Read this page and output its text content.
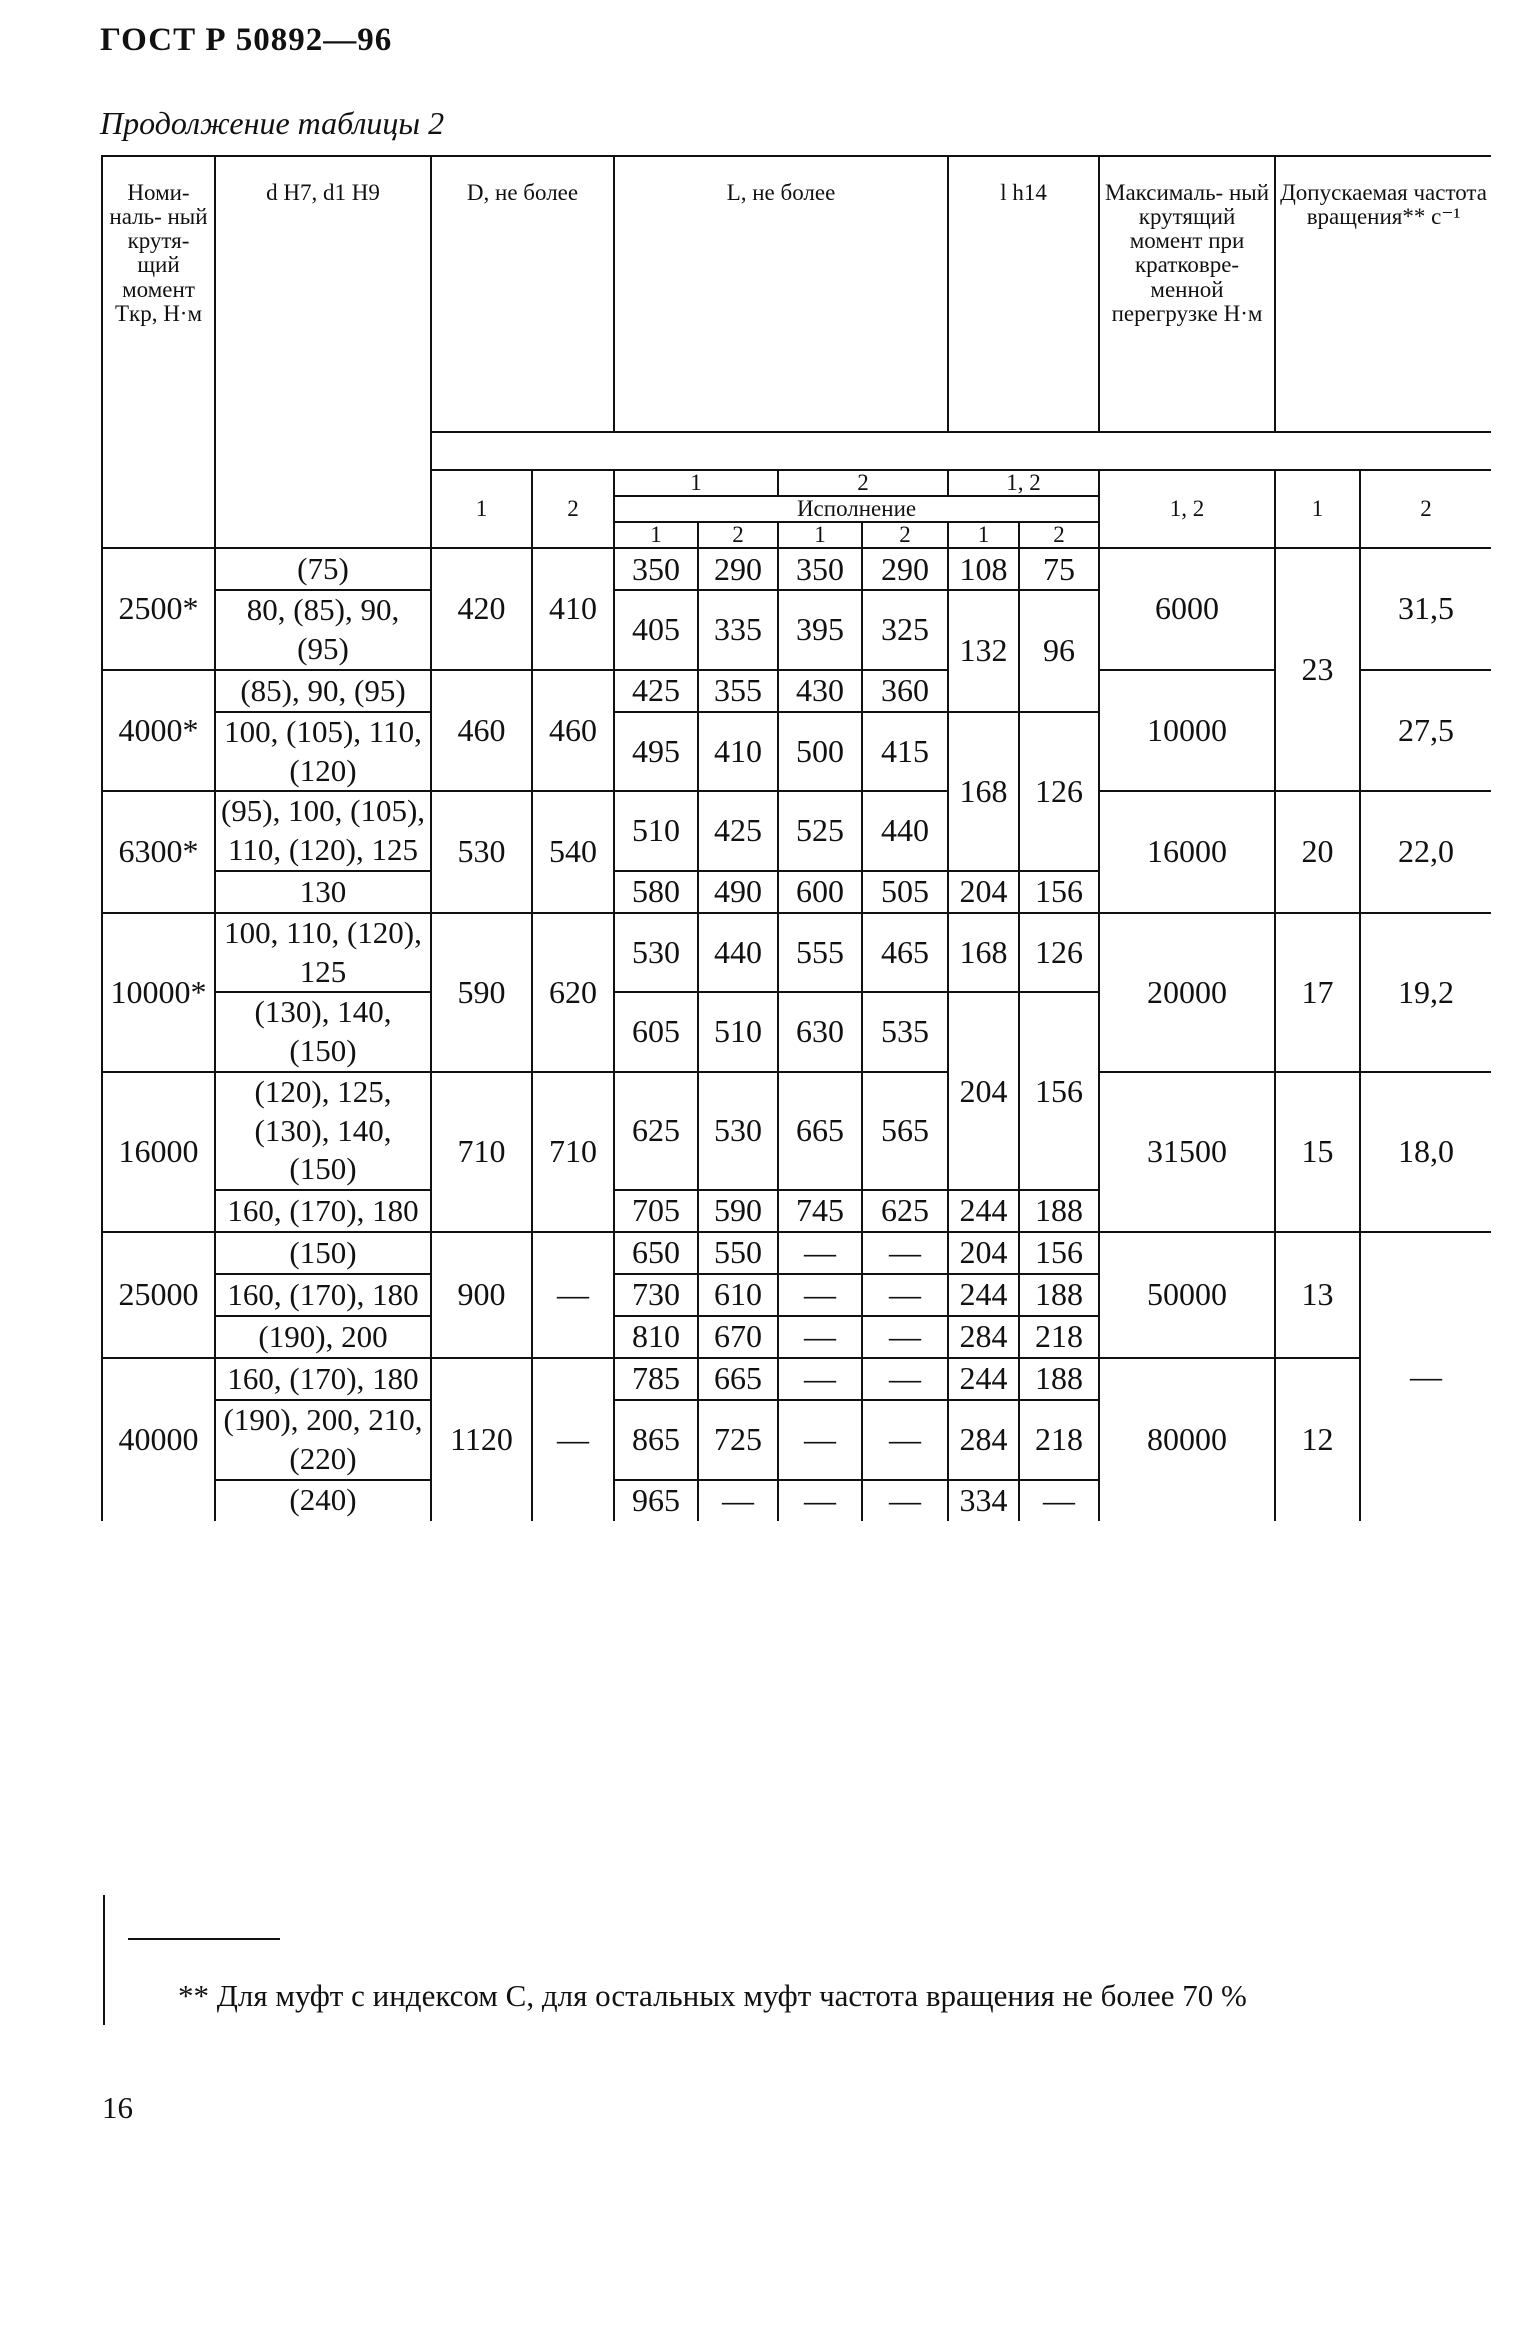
ГОСТ Р 50892—96
Продолжение таблицы 2
Номи- наль- ный крутя- щий момент Tкр, Н·м	d H7, d1 H9	D, не более		L, не более				l h14		Максималь- ный крутящий момент при кратковре- менной перегрузке Н·м	Допускаемая частота вращения** с⁻¹	

		1	2	1		2		1, 2		1, 2	1	2
				Исполнение								
				1	2	1	2	1	2			
2500*	(75)	420	410	350	290	350	290	108	75	6000	23	31,5
	80, (85), 90, (95)			405	335	395	325	132	96			
4000*	(85), 90, (95)	460	460	425	355	430	360			10000		27,5
	100, (105), 110, (120)			495	410	500	415	168	126			
6300*	(95), 100, (105), 110, (120), 125	530	540	510	425	525	440			16000	20	22,0
	130			580	490	600	505	204	156			
10000*	100, 110, (120), 125	590	620	530	440	555	465	168	126	20000	17	19,2
	(130), 140, (150)			605	510	630	535	204	156			
16000	(120), 125, (130), 140, (150)	710	710	625	530	665	565			31500	15	18,0
	160, (170), 180			705	590	745	625	244	188			
25000	(150)	900	—	650	550	—	—	204	156	50000	13	—
	160, (170), 180			730	610	—	—	244	188			
	(190), 200			810	670	—	—	284	218			
40000	160, (170), 180	1120	—	785	665	—	—	244	188	80000	12	
	(190), 200, 210, (220)			865	725	—	—	284	218			
	(240)			965	—	—	—	334	—			
** Для муфт с индексом С, для остальных муфт частота вращения не более 70 %
16
